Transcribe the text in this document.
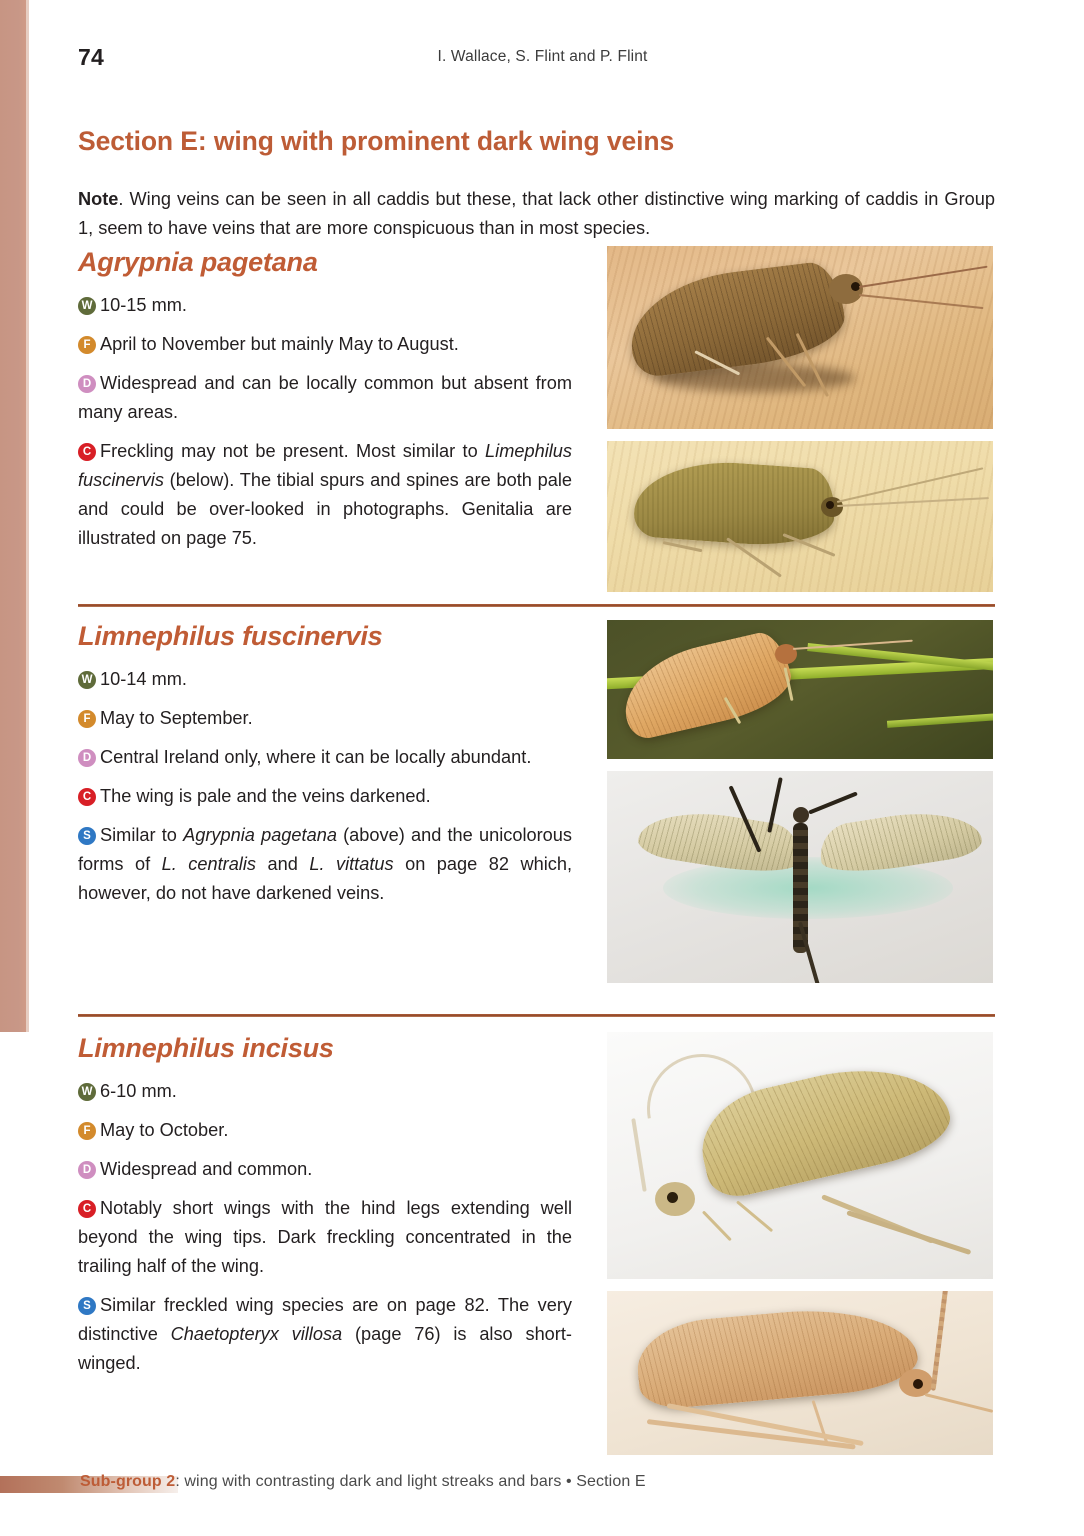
74	I. Wallace, S. Flint and P. Flint
Section E: wing with prominent dark wing veins

Note. Wing veins can be seen in all caddis but these, that lack other distinctive wing marking of caddis in Group 1, seem to have veins that are more conspicuous than in most species.

Agrypnia pagetana

W 10-15 mm.

F April to November but mainly May to August.

D Widespread and can be locally common but absent from many areas.

C Freckling may not be present. Most similar to Limephilus fuscinervis (below). The tibial spurs and spines are both pale and could be over-looked in photographs. Genitalia are illustrated on page 75.

Limnephilus fuscinervis

W 10-14 mm.

F May to September.

D Central Ireland only, where it can be locally abundant.

C The wing is pale and the veins darkened.

S Similar to Agrypnia pagetana (above) and the unicolorous forms of L. centralis and L. vittatus on page 82 which, however, do not have darkened veins.

Limnephilus incisus

W 6-10 mm.

F May to October.

D Widespread and common.

C Notably short wings with the hind legs extending well beyond the wing tips. Dark freckling concentrated in the trailing half of the wing.

S Similar freckled wing species are on page 82. The very distinctive Chaetopteryx villosa (page 76) is also short-winged.

Sub-group 2: wing with contrasting dark and light streaks and bars • Section E
